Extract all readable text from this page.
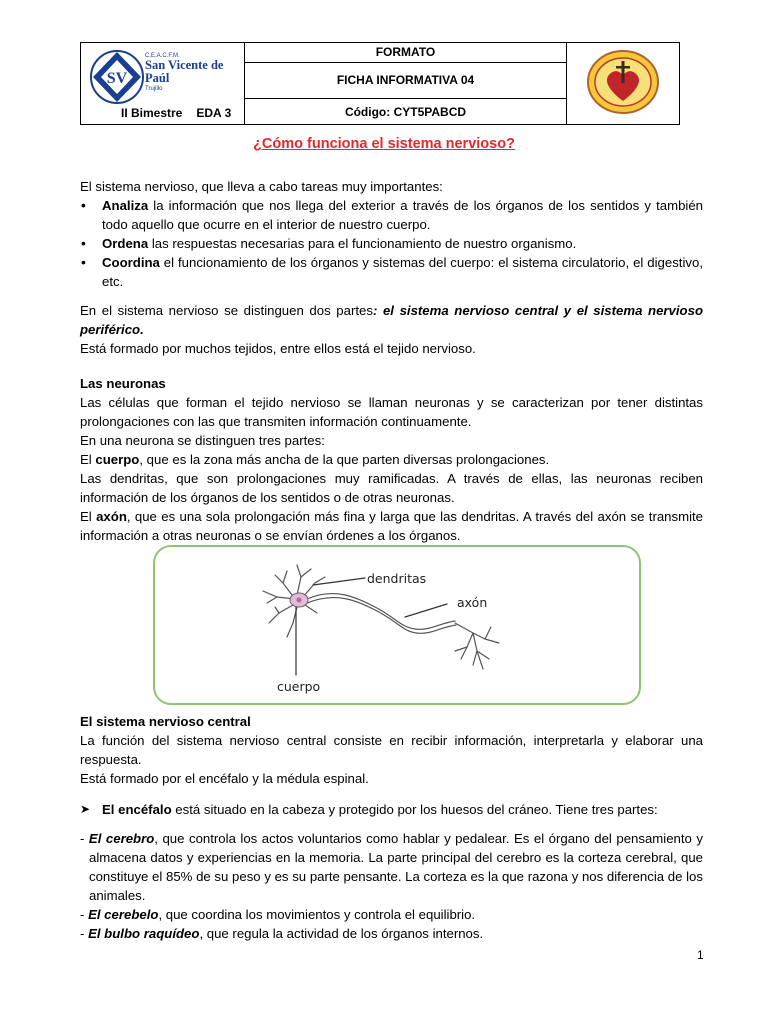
SV
C.E.A.C.F.M.
San Vicente de Paúl
Trujillo
II Bimestre EDA 3
	FORMATO	
FICHA INFORMATIVA 04
Código: CYT5PABCD
¿Cómo funciona el sistema nervioso?

El sistema nervioso, que lleva a cabo tareas muy importantes:

• Analiza la información que nos llega del exterior a través de los órganos de los sentidos y también todo aquello que ocurre en el interior de nuestro cuerpo.

• Ordena las respuestas necesarias para el funcionamiento de nuestro organismo.

• Coordina el funcionamiento de los órganos y sistemas del cuerpo: el sistema circulatorio, el digestivo, etc.

En el sistema nervioso se distinguen dos partes: el sistema nervioso central y el sistema nervioso periférico.

Está formado por muchos tejidos, entre ellos está el tejido nervioso.

Las neuronas

Las células que forman el tejido nervioso se llaman neuronas y se caracterizan por tener distintas prolongaciones con las que transmiten información continuamente.

En una neurona se distinguen tres partes:

El cuerpo, que es la zona más ancha de la que parten diversas prolongaciones.

Las dendritas, que son prolongaciones muy ramificadas. A través de ellas, las neuronas reciben información de los órganos de los sentidos o de otras neuronas.

El axón, que es una sola prolongación más fina y larga que las dendritas. A través del axón se transmite información a otras neuronas o se envían órdenes a los órganos.

dendritas
axón
cuerpo

El sistema nervioso central

La función del sistema nervioso central consiste en recibir información, interpretarla y elaborar una respuesta.

Está formado por el encéfalo y la médula espinal.

➤ El encéfalo está situado en la cabeza y protegido por los huesos del cráneo. Tiene tres partes:

- El cerebro, que controla los actos voluntarios como hablar y pedalear. Es el órgano del pensamiento y almacena datos y experiencias en la memoria. La parte principal del cerebro es la corteza cerebral, que constituye el 85% de su peso y es su parte pensante. La corteza es la que razona y nos diferencia de los animales.

- El cerebelo, que coordina los movimientos y controla el equilibrio.

- El bulbo raquídeo, que regula la actividad de los órganos internos.

1
